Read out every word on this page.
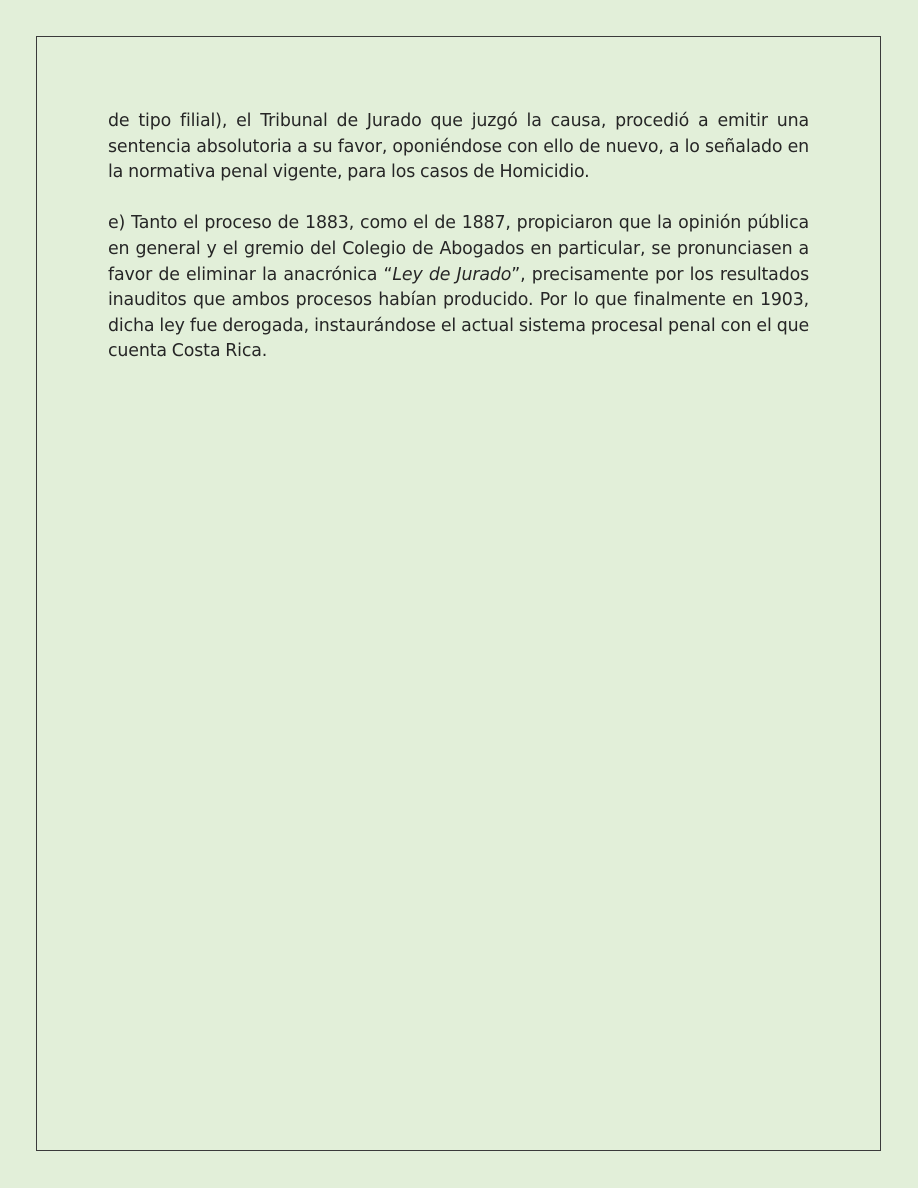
de tipo filial), el Tribunal de Jurado que juzgó la causa, procedió a emitir una sentencia absolutoria a su favor, oponiéndose con ello de nuevo, a lo señalado en la normativa penal vigente, para los casos de Homicidio.

e) Tanto el proceso de 1883, como el de 1887, propiciaron que la opinión pública en general y el gremio del Colegio de Abogados en particular, se pronunciasen a favor de eliminar la anacrónica “Ley de Jurado”, precisamente por los resultados inauditos que ambos procesos habían producido. Por lo que finalmente en 1903, dicha ley fue derogada, instaurándose el actual sistema procesal penal con el que cuenta Costa Rica.
